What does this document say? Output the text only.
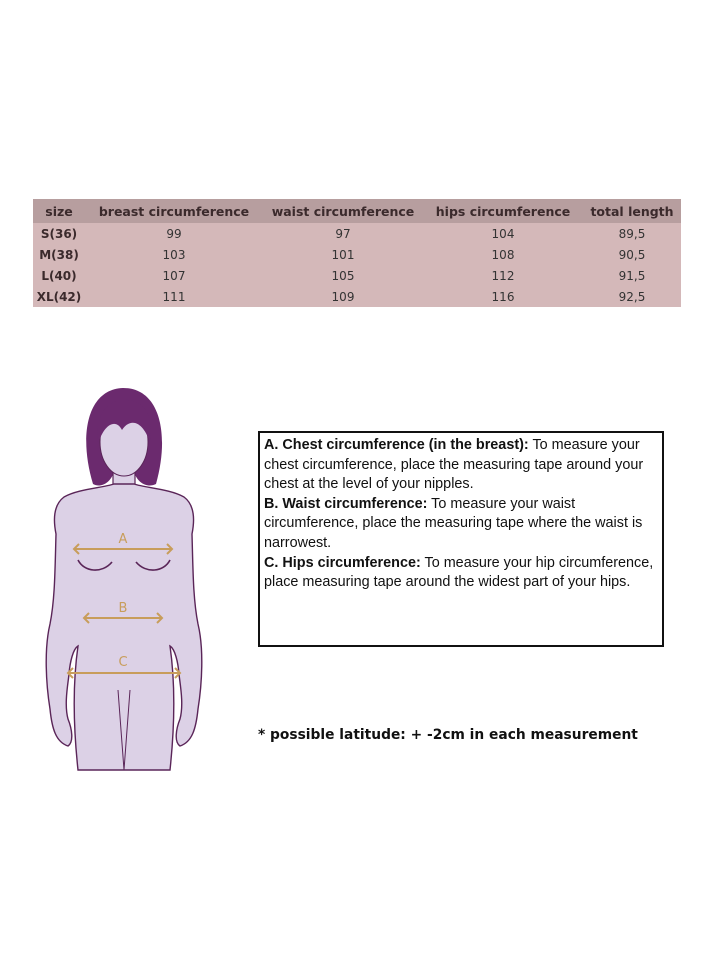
size	breast circumference	waist circumference	hips circumference	total length
S(36)	99	97	104	89,5
M(38)	103	101	108	90,5
L(40)	107	105	112	91,5
XL(42)	111	109	116	92,5
A
B
C

A. Chest circumference (in the breast): To measure your chest circumference, place the measuring tape around your chest at the level of your nipples.

B. Waist circumference: To measure your waist circumference, place the measuring tape where the waist is narrowest.

C. Hips circumference: To measure your hip circumference, place measuring tape around the widest part of your hips.

* possible latitude: + -2cm in each measurement
